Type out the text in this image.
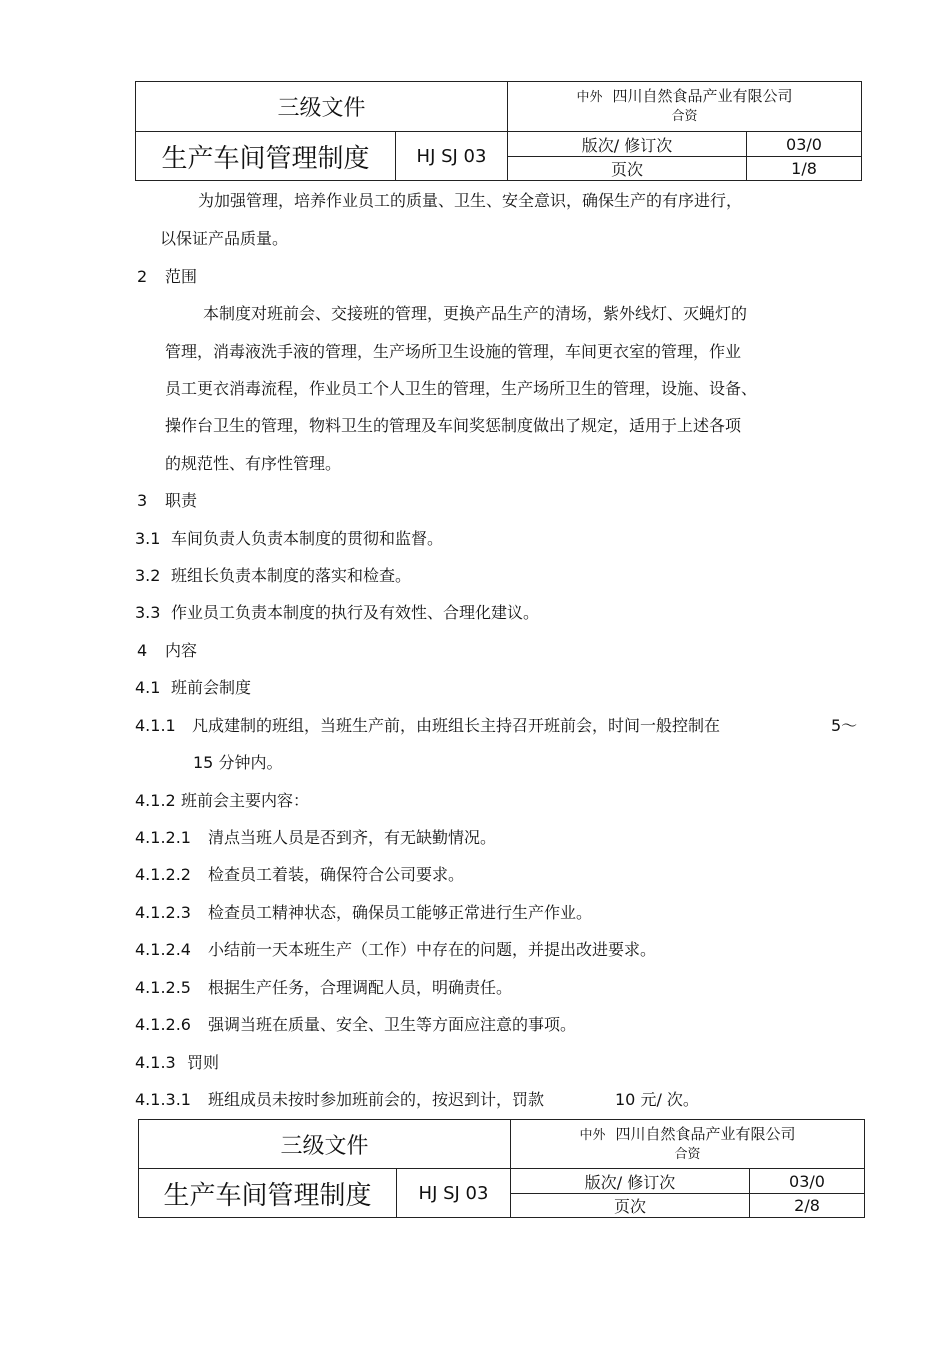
三级文件		中外 四川自然食品产业有限公司
合资	

生产车间管理制度	HJ SJ 03	版次/ 修订次	03/0
		页次	1/8
为加强管理，培养作业员工的质量、卫生、安全意识，确保生产的有序进行，
以保证产品质量。
2 范围
本制度对班前会、交接班的管理，更换产品生产的清场，紫外线灯、灭蝇灯的
管理，消毒液洗手液的管理，生产场所卫生设施的管理，车间更衣室的管理，作业
员工更衣消毒流程，作业员工个人卫生的管理，生产场所卫生的管理，设施、设备、
操作台卫生的管理，物料卫生的管理及车间奖惩制度做出了规定，适用于上述各项
的规范性、有序性管理。
3 职责
3.1 车间负责人负责本制度的贯彻和监督。
3.2 班组长负责本制度的落实和检查。
3.3 作业员工负责本制度的执行及有效性、合理化建议。
4 内容
4.1 班前会制度
4.1.1 凡成建制的班组，当班生产前，由班组长主持召开班前会，时间一般控制在	5～
15 分钟内。
4.1.2 班前会主要内容：
4.1.2.1 清点当班人员是否到齐，有无缺勤情况。
4.1.2.2 检查员工着装，确保符合公司要求。
4.1.2.3 检查员工精神状态，确保员工能够正常进行生产作业。
4.1.2.4 小结前一天本班生产（工作）中存在的问题，并提出改进要求。
4.1.2.5 根据生产任务，合理调配人员，明确责任。
4.1.2.6 强调当班在质量、安全、卫生等方面应注意的事项。
4.1.3 罚则
4.1.3.1 班组成员未按时参加班前会的，按迟到计，罚款	10 元/ 次。
三级文件		中外 四川自然食品产业有限公司
合资	

生产车间管理制度	HJ SJ 03	版次/ 修订次	03/0
		页次	2/8
